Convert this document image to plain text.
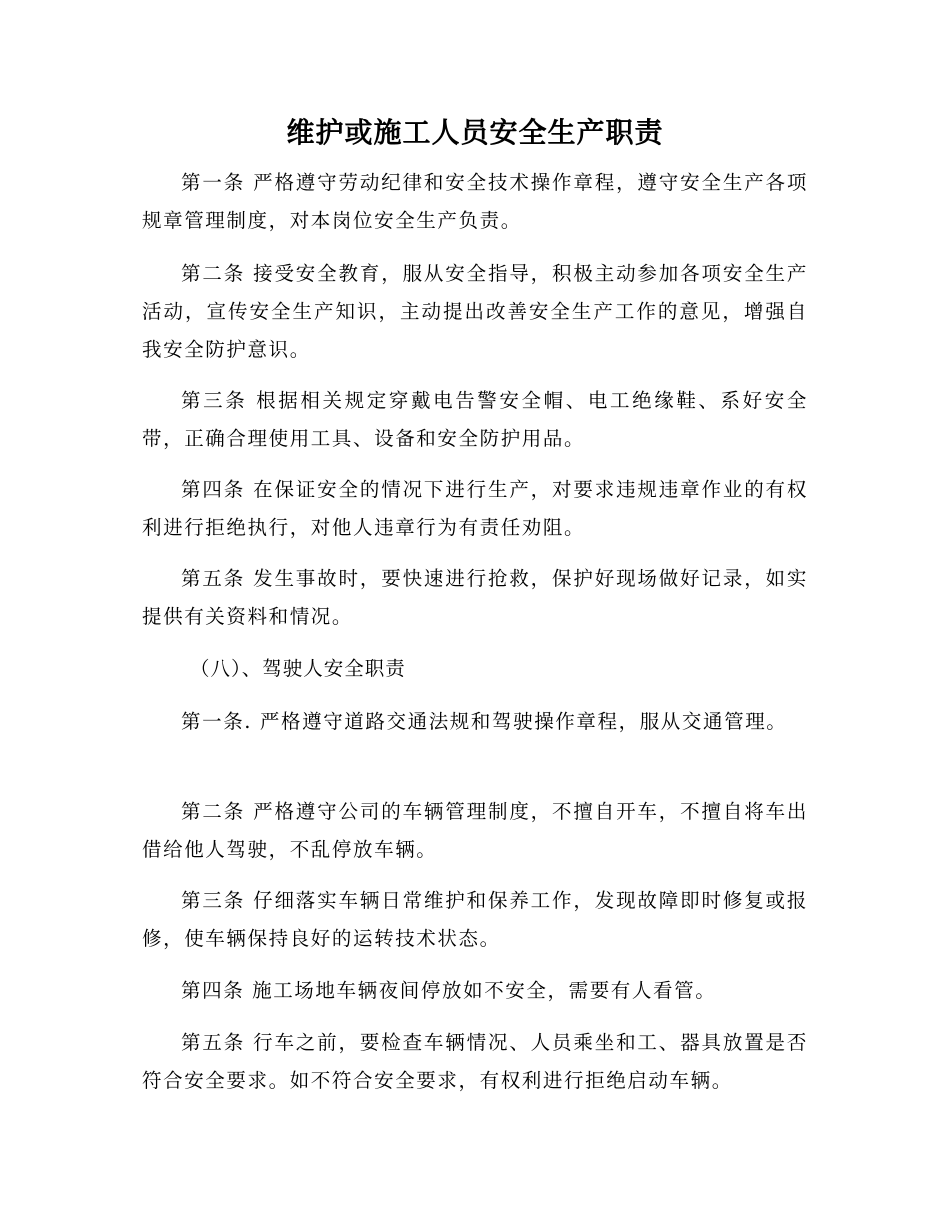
维护或施工人员安全生产职责

第一条 严格遵守劳动纪律和安全技术操作章程，遵守安全生产各项规章管理制度，对本岗位安全生产负责。

第二条 接受安全教育，服从安全指导，积极主动参加各项安全生产活动，宣传安全生产知识，主动提出改善安全生产工作的意见，增强自我安全防护意识。

第三条 根据相关规定穿戴电告警安全帽、电工绝缘鞋、系好安全带，正确合理使用工具、设备和安全防护用品。

第四条 在保证安全的情况下进行生产，对要求违规违章作业的有权利进行拒绝执行，对他人违章行为有责任劝阻。

第五条 发生事故时，要快速进行抢救，保护好现场做好记录，如实提供有关资料和情况。

（八）、驾驶人安全职责

第一条. 严格遵守道路交通法规和驾驶操作章程，服从交通管理。

第二条 严格遵守公司的车辆管理制度，不擅自开车，不擅自将车出借给他人驾驶，不乱停放车辆。

第三条 仔细落实车辆日常维护和保养工作，发现故障即时修复或报修，使车辆保持良好的运转技术状态。

第四条 施工场地车辆夜间停放如不安全，需要有人看管。

第五条 行车之前，要检查车辆情况、人员乘坐和工、器具放置是否符合安全要求。如不符合安全要求，有权利进行拒绝启动车辆。
